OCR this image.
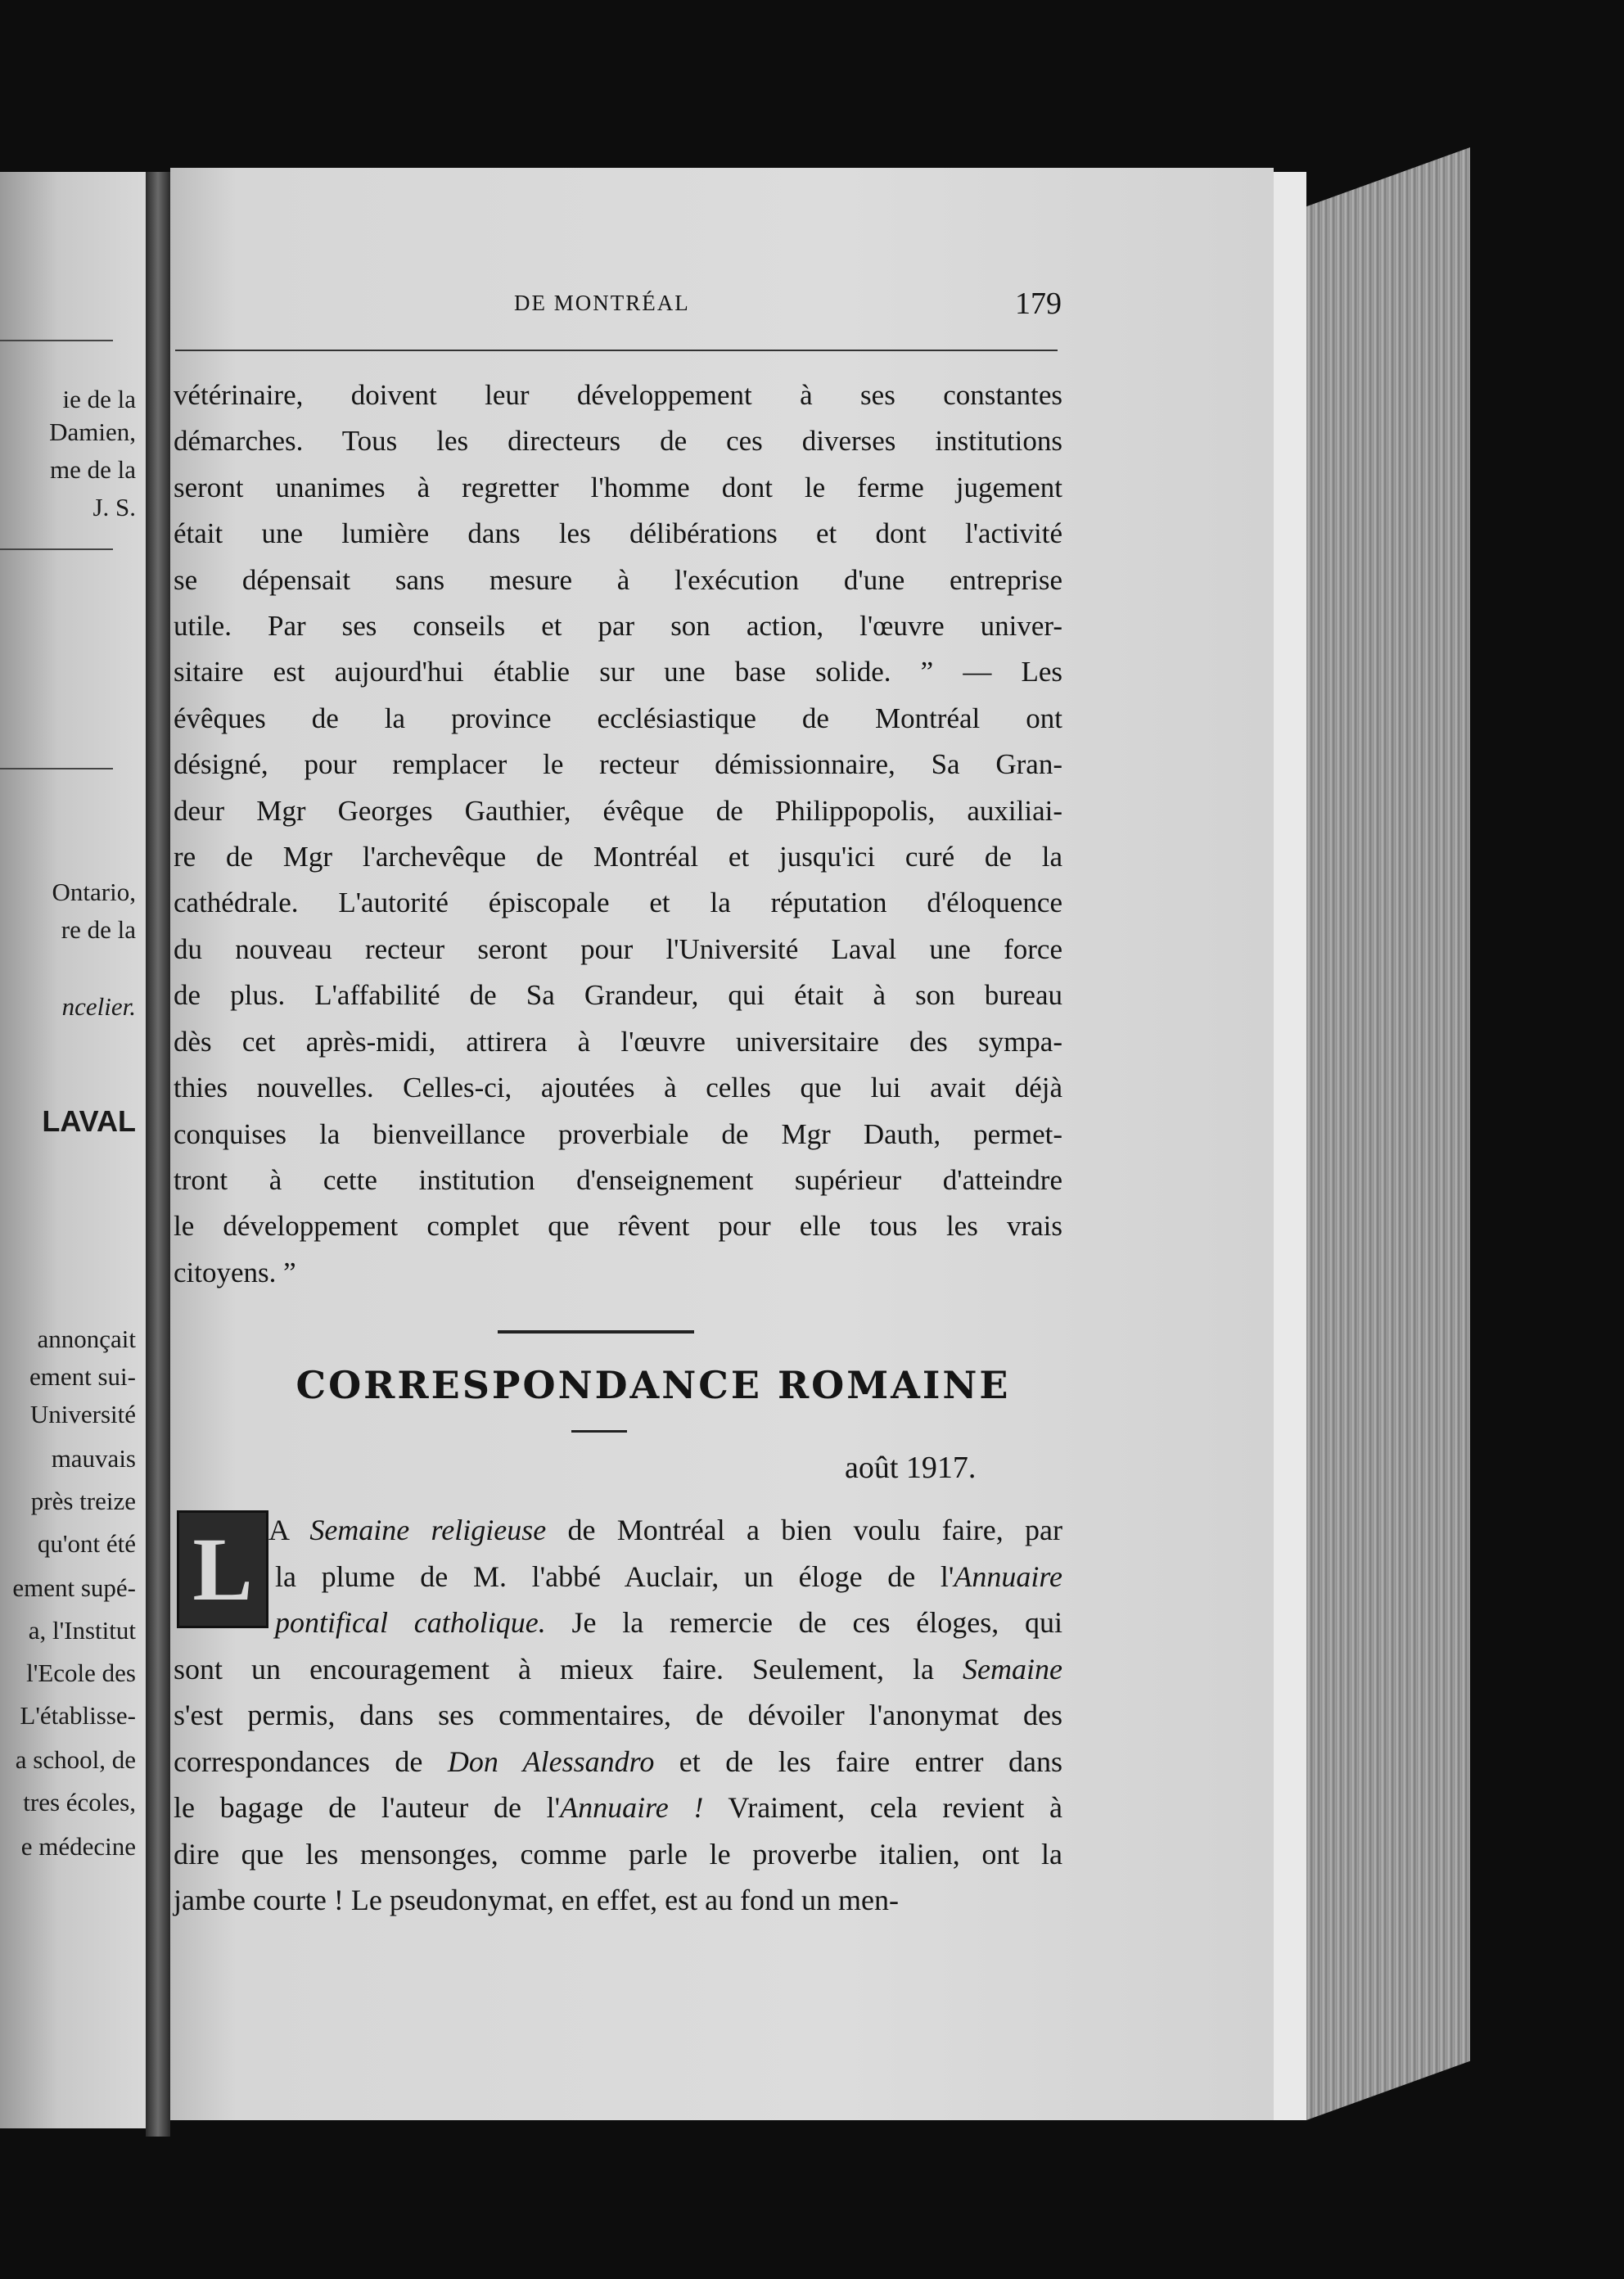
ie de la
Damien,
me de la
J. S.
Ontario,
re de la
ncelier.
LAVAL
annonçait
ement sui-
Université
mauvais
près treize
qu'ont été
ement supé-
a, l'Institut
l'Ecole des
L'établisse-
a school, de
tres écoles,
e médecine
DE MONTRÉAL	179
vétérinaire, doivent leur développement à ses constantes
démarches. Tous les directeurs de ces diverses institutions
seront unanimes à regretter l'homme dont le ferme jugement
était une lumière dans les délibérations et dont l'activité
se dépensait sans mesure à l'exécution d'une entreprise
utile. Par ses conseils et par son action, l'œuvre univer-
sitaire est aujourd'hui établie sur une base solide. ” — Les
évêques de la province ecclésiastique de Montréal ont
désigné, pour remplacer le recteur démissionnaire, Sa Gran-
deur Mgr Georges Gauthier, évêque de Philippopolis, auxiliai-
re de Mgr l'archevêque de Montréal et jusqu'ici curé de la
cathédrale. L'autorité épiscopale et la réputation d'éloquence
du nouveau recteur seront pour l'Université Laval une force
de plus. L'affabilité de Sa Grandeur, qui était à son bureau
dès cet après-midi, attirera à l'œuvre universitaire des sympa-
thies nouvelles. Celles-ci, ajoutées à celles que lui avait déjà
conquises la bienveillance proverbiale de Mgr Dauth, permet-
tront à cette institution d'enseignement supérieur d'atteindre
le développement complet que rêvent pour elle tous les vrais
citoyens. ”
CORRESPONDANCE ROMAINE
août 1917.
L A Semaine religieuse de Montréal a bien voulu faire, par
la plume de M. l'abbé Auclair, un éloge de l'Annuaire
pontifical catholique. Je la remercie de ces éloges, qui
sont un encouragement à mieux faire. Seulement, la Semaine
s'est permis, dans ses commentaires, de dévoiler l'anonymat des
correspondances de Don Alessandro et de les faire entrer dans
le bagage de l'auteur de l'Annuaire ! Vraiment, cela revient à
dire que les mensonges, comme parle le proverbe italien, ont la
jambe courte ! Le pseudonymat, en effet, est au fond un men-
